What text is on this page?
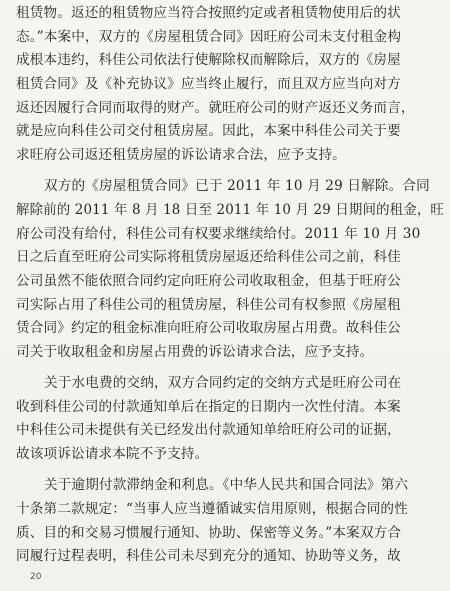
租赁物。返还的租赁物应当符合按照约定或者租赁物使用后的状
态。”本案中，双方的《房屋租赁合同》因旺府公司未支付租金构
成根本违约，科佳公司依法行使解除权而解除后，双方的《房屋
租赁合同》及《补充协议》应当终止履行，而且双方应当向对方
返还因履行合同而取得的财产。就旺府公司的财产返还义务而言，
就是应向科佳公司交付租赁房屋。因此，本案中科佳公司关于要
求旺府公司返还租赁房屋的诉讼请求合法，应予支持。
双方的《房屋租赁合同》已于 2011 年 10 月 29 日解除。合同
解除前的 2011 年 8 月 18 日至 2011 年 10 月 29 日期间的租金，旺
府公司没有给付，科佳公司有权要求继续给付。2011 年 10 月 30
日之后直至旺府公司实际将租赁房屋返还给科佳公司之前，科佳
公司虽然不能依照合同约定向旺府公司收取租金，但基于旺府公
司实际占用了科佳公司的租赁房屋，科佳公司有权参照《房屋租
赁合同》约定的租金标准向旺府公司收取房屋占用费。故科佳公
司关于收取租金和房屋占用费的诉讼请求合法，应予支持。
关于水电费的交纳，双方合同约定的交纳方式是旺府公司在
收到科佳公司的付款通知单后在指定的日期内一次性付清。本案
中科佳公司未提供有关已经发出付款通知单给旺府公司的证据，
故该项诉讼请求本院不予支持。
关于逾期付款滞纳金和利息。《中华人民共和国合同法》第六
十条第二款规定：“当事人应当遵循诚实信用原则，根据合同的性
质、目的和交易习惯履行通知、协助、保密等义务。”本案双方合
同履行过程表明，科佳公司未尽到充分的通知、协助等义务，故
20
